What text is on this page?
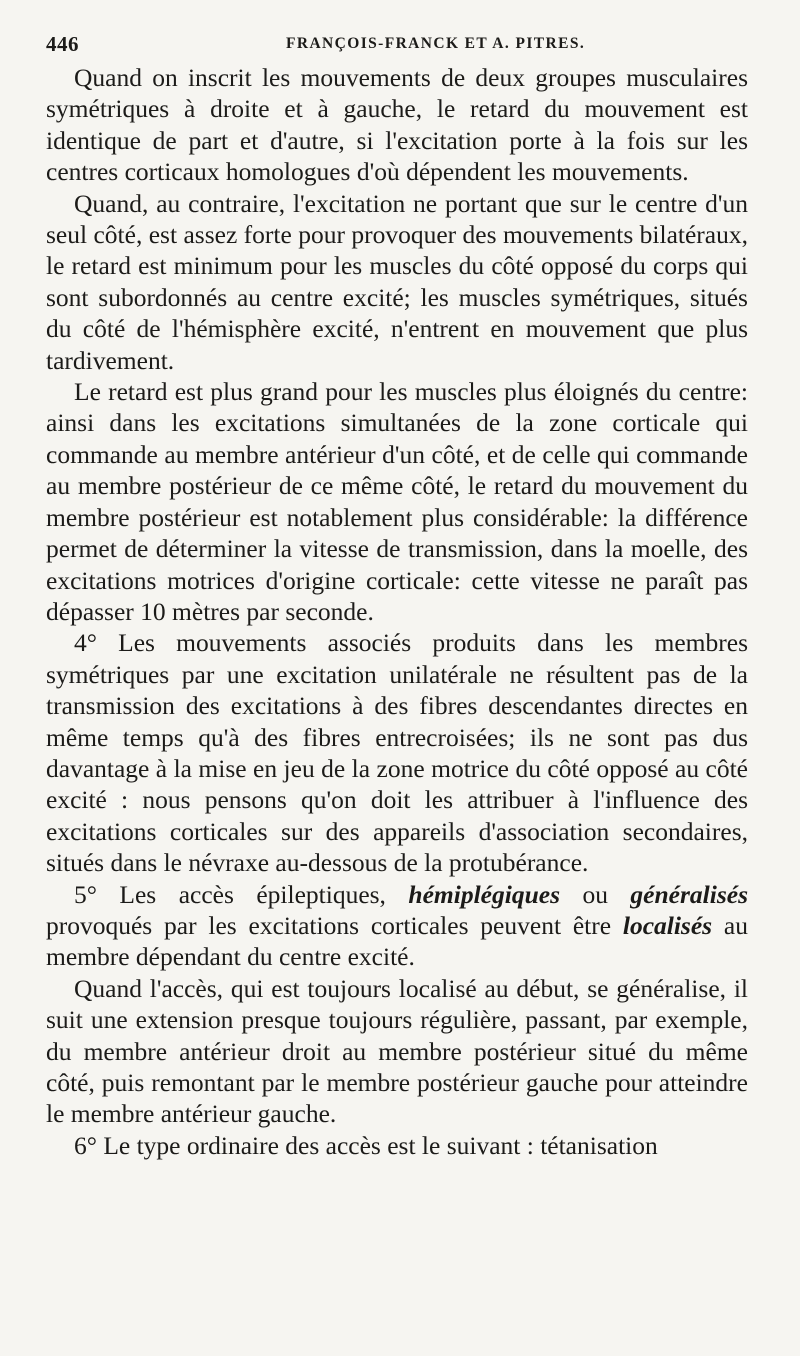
446	FRANÇOIS-FRANCK ET A. PITRES.

Quand on inscrit les mouvements de deux groupes musculaires symétriques à droite et à gauche, le retard du mouvement est identique de part et d'autre, si l'excitation porte à la fois sur les centres corticaux homologues d'où dépendent les mouvements.

Quand, au contraire, l'excitation ne portant que sur le centre d'un seul côté, est assez forte pour provoquer des mouvements bilatéraux, le retard est minimum pour les muscles du côté opposé du corps qui sont subordonnés au centre excité; les muscles symétriques, situés du côté de l'hémisphère excité, n'entrent en mouvement que plus tardivement.

Le retard est plus grand pour les muscles plus éloignés du centre: ainsi dans les excitations simultanées de la zone corticale qui commande au membre antérieur d'un côté, et de celle qui commande au membre postérieur de ce même côté, le retard du mouvement du membre postérieur est notablement plus considérable: la différence permet de déterminer la vitesse de transmission, dans la moelle, des excitations motrices d'origine corticale: cette vitesse ne paraît pas dépasser 10 mètres par seconde.

4° Les mouvements associés produits dans les membres symétriques par une excitation unilatérale ne résultent pas de la transmission des excitations à des fibres descendantes directes en même temps qu'à des fibres entrecroisées; ils ne sont pas dus davantage à la mise en jeu de la zone motrice du côté opposé au côté excité : nous pensons qu'on doit les attribuer à l'influence des excitations corticales sur des appareils d'association secondaires, situés dans le névraxe au-dessous de la protubérance.

5° Les accès épileptiques, hémiplégiques ou généralisés provoqués par les excitations corticales peuvent être localisés au membre dépendant du centre excité.

Quand l'accès, qui est toujours localisé au début, se généralise, il suit une extension presque toujours régulière, passant, par exemple, du membre antérieur droit au membre postérieur situé du même côté, puis remontant par le membre postérieur gauche pour atteindre le membre antérieur gauche.

6° Le type ordinaire des accès est le suivant : tétanisation
